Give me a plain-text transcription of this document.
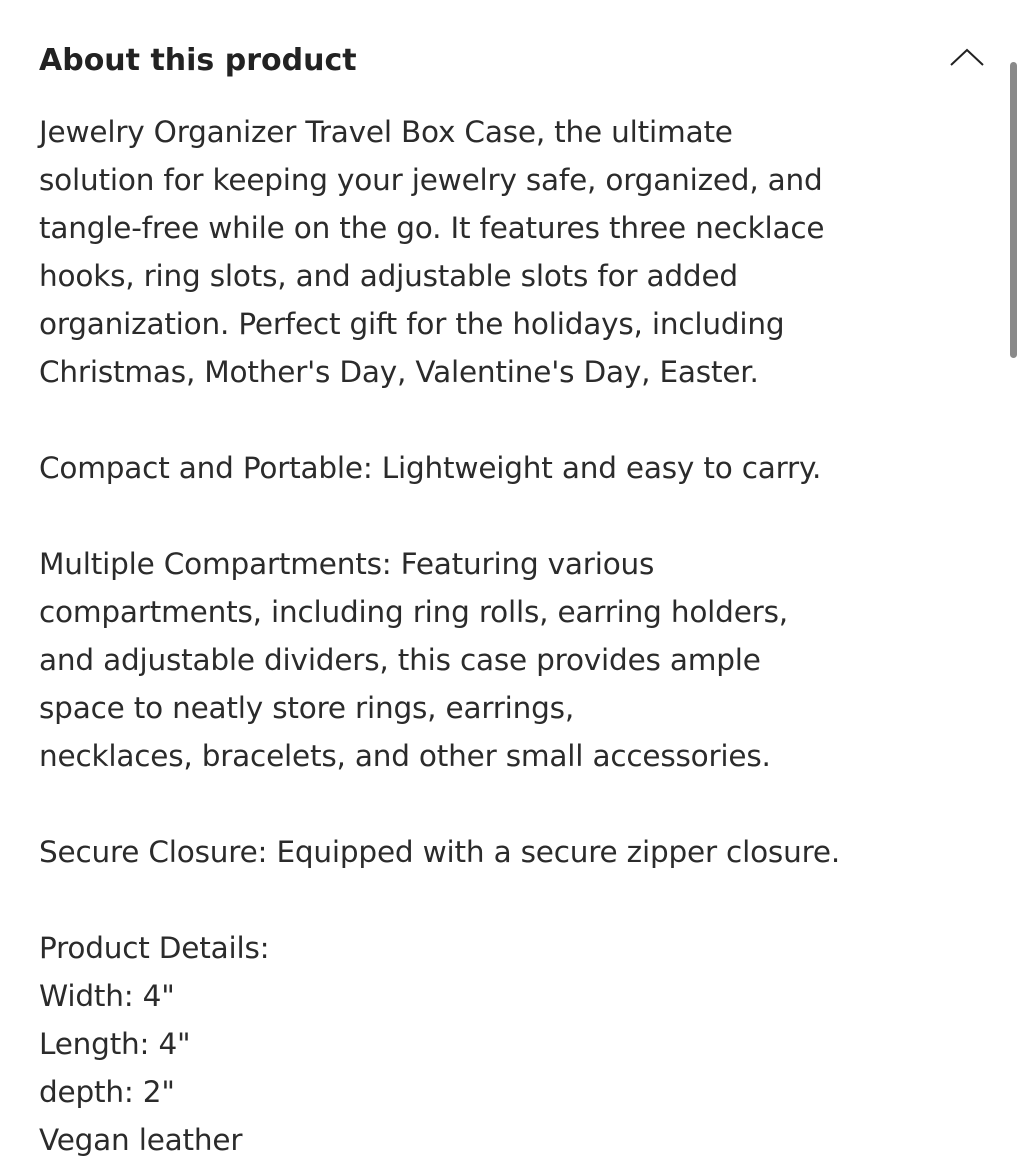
About this product

Jewelry Organizer Travel Box Case, the ultimate
solution for keeping your jewelry safe, organized, and
tangle-free while on the go. It features three necklace
hooks, ring slots, and adjustable slots for added
organization. Perfect gift for the holidays, including
Christmas, Mother's Day, Valentine's Day, Easter.

Compact and Portable: Lightweight and easy to carry.

Multiple Compartments: Featuring various
compartments, including ring rolls, earring holders,
and adjustable dividers, this case provides ample
space to neatly store rings, earrings,
necklaces, bracelets, and other small accessories.

Secure Closure: Equipped with a secure zipper closure.

Product Details:
Width: 4"
Length: 4"
depth: 2"
Vegan leather
